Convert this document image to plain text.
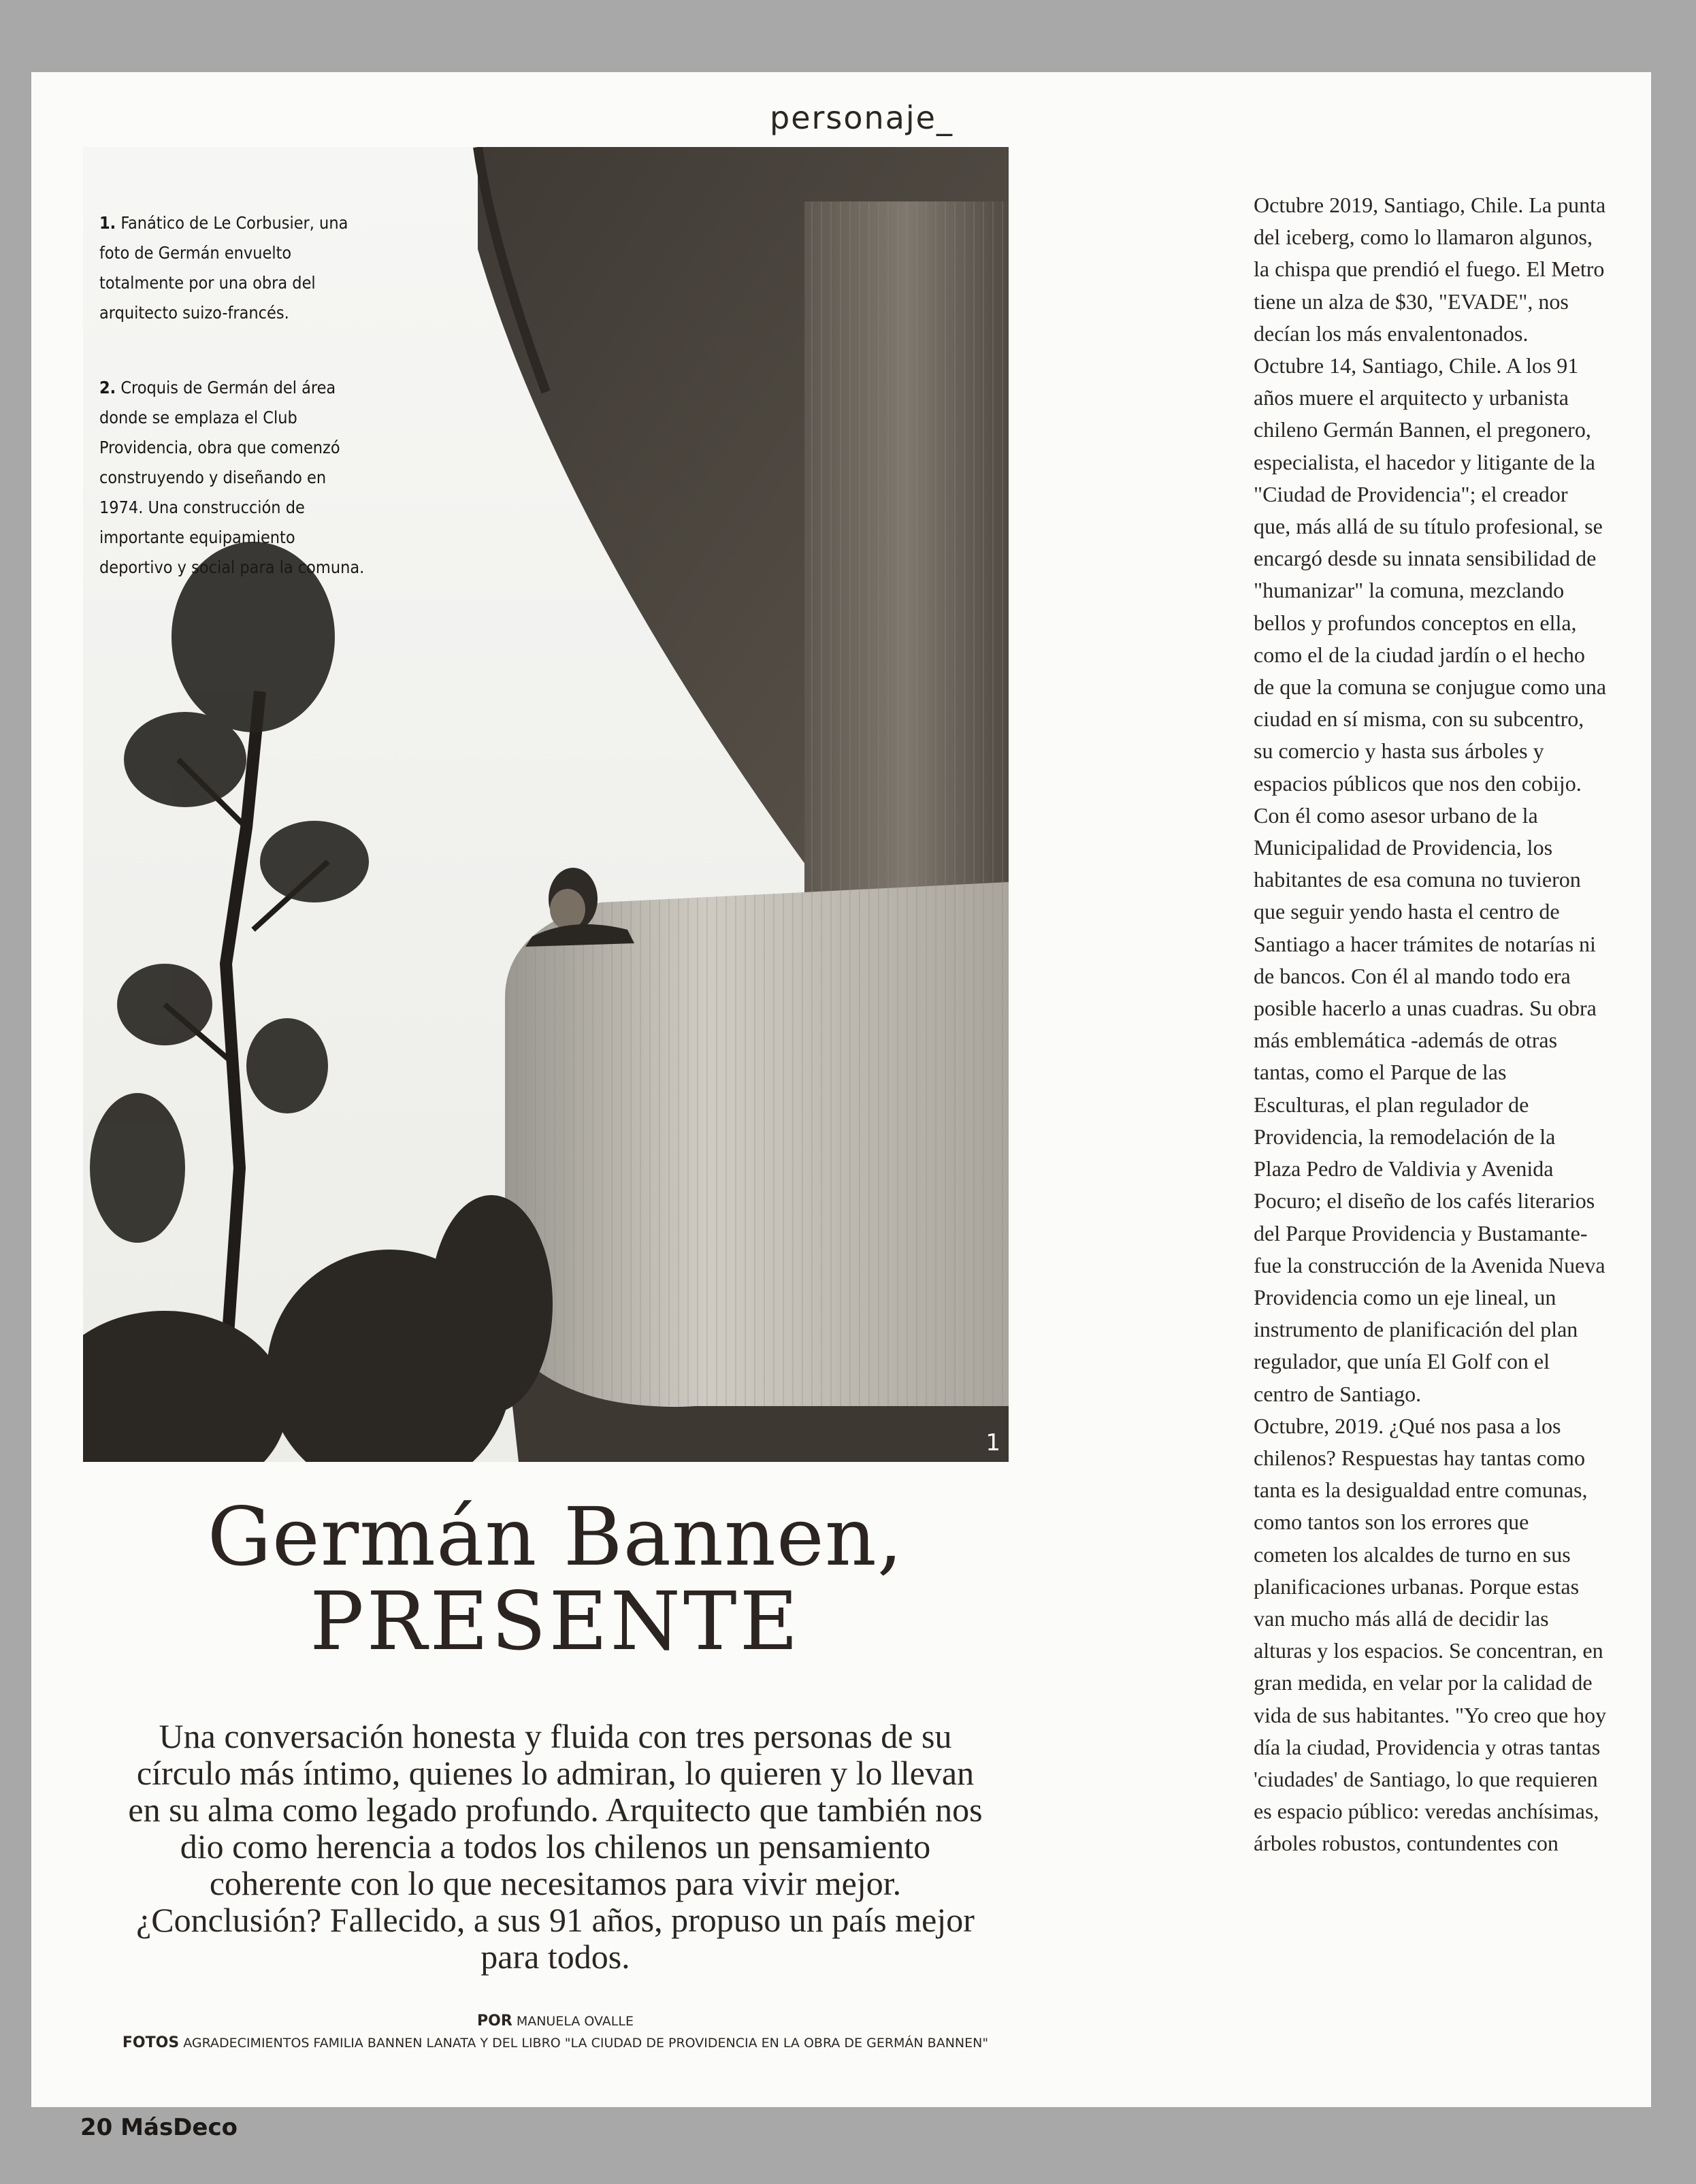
personaje_
1

1. Fanático de Le Corbusier, una foto de Germán envuelto totalmente por una obra del arquitecto suizo-francés.

2. Croquis de Germán del área donde se emplaza el Club Providencia, obra que comenzó construyendo y diseñando en 1974. Una construcción de importante equipamiento deportivo y social para la comuna.

Germán Bannen,
PRESENTE
Una conversación honesta y fluida con tres personas de su círculo más íntimo, quienes lo admiran, lo quieren y lo llevan en su alma como legado profundo. Arquitecto que también nos dio como herencia a todos los chilenos un pensamiento coherente con lo que necesitamos para vivir mejor. ¿Conclusión? Fallecido, a sus 91 años, propuso un país mejor para todos.
POR MANUELA OVALLE
FOTOS AGRADECIMIENTOS FAMILIA BANNEN LANATA Y DEL LIBRO "LA CIUDAD DE PROVIDENCIA EN LA OBRA DE GERMÁN BANNEN"
Octubre 2019, Santiago, Chile. La punta del iceberg, como lo llamaron algunos, la chispa que prendió el fuego. El Metro tiene un alza de $30, "EVADE", nos decían los más envalentonados.
Octubre 14, Santiago, Chile. A los 91 años muere el arquitecto y urbanista chileno Germán Bannen, el pregonero, especialista, el hacedor y litigante de la "Ciudad de Providencia"; el creador que, más allá de su título profesional, se encargó desde su innata sensibilidad de "humanizar" la comuna, mezclando bellos y profundos conceptos en ella, como el de la ciudad jardín o el hecho de que la comuna se conjugue como una ciudad en sí misma, con su subcentro, su comercio y hasta sus árboles y espacios públicos que nos den cobijo. Con él como asesor urbano de la Municipalidad de Providencia, los habitantes de esa comuna no tuvieron que seguir yendo hasta el centro de Santiago a hacer trámites de notarías ni de bancos. Con él al mando todo era posible hacerlo a unas cuadras. Su obra más emblemática -además de otras tantas, como el Parque de las Esculturas, el plan regulador de Providencia, la remodelación de la Plaza Pedro de Valdivia y Avenida Pocuro; el diseño de los cafés literarios del Parque Providencia y Bustamante- fue la construcción de la Avenida Nueva Providencia como un eje lineal, un instrumento de planificación del plan regulador, que unía El Golf con el centro de Santiago.
Octubre, 2019. ¿Qué nos pasa a los chilenos? Respuestas hay tantas como tanta es la desigualdad entre comunas, como tantos son los errores que cometen los alcaldes de turno en sus planificaciones urbanas. Porque estas van mucho más allá de decidir las alturas y los espacios. Se concentran, en gran medida, en velar por la calidad de vida de sus habitantes. "Yo creo que hoy día la ciudad, Providencia y otras tantas 'ciudades' de Santiago, lo que requieren es espacio público: veredas anchísimas, árboles robustos, contundentes con
20 MásDeco
